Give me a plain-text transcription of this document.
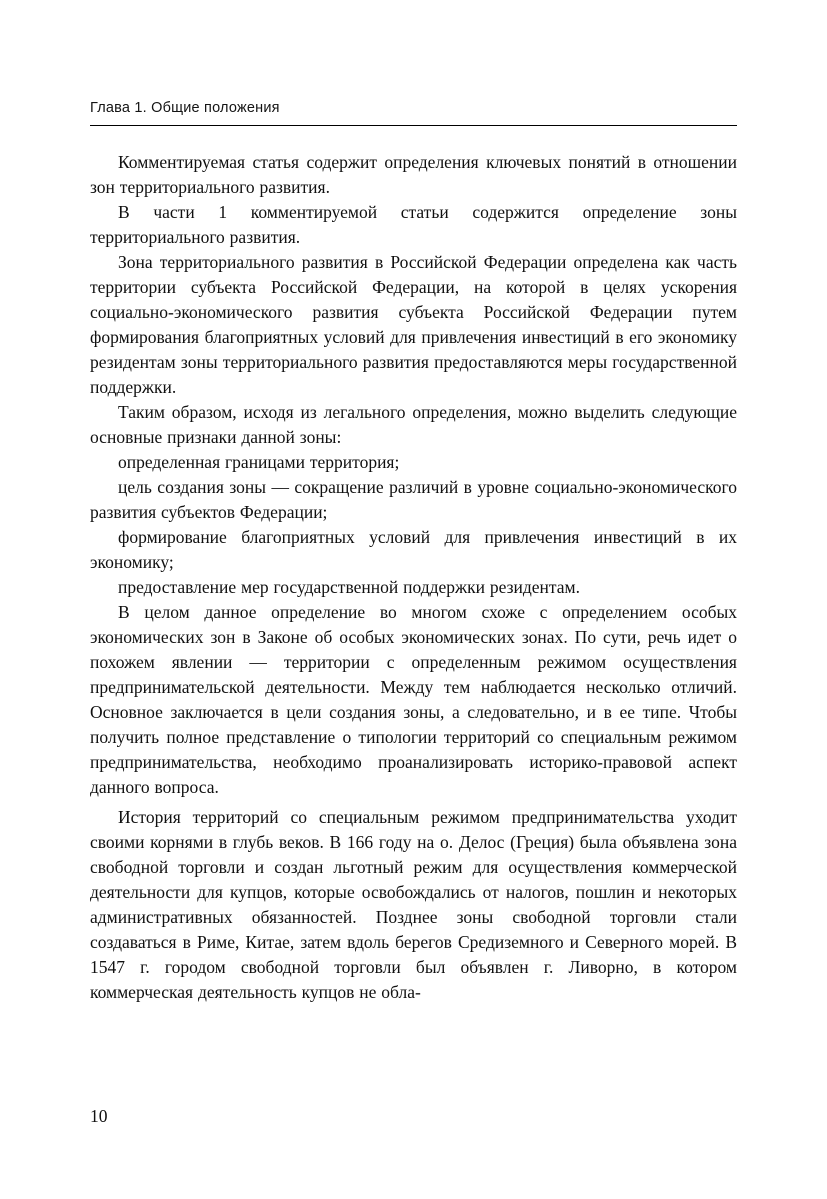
Глава 1. Общие положения

Комментируемая статья содержит определения ключевых понятий в отношении зон территориального развития.

В части 1 комментируемой статьи содержится определение зоны территориального развития.

Зона территориального развития в Российской Федерации определена как часть территории субъекта Российской Федерации, на которой в целях ускорения социально-экономического развития субъекта Российской Федерации путем формирования благоприятных условий для привлечения инвестиций в его экономику резидентам зоны территориального развития предоставляются меры государственной поддержки.

Таким образом, исходя из легального определения, можно выделить следующие основные признаки данной зоны:

определенная границами территория;

цель создания зоны — сокращение различий в уровне социально-экономического развития субъектов Федерации;

формирование благоприятных условий для привлечения инвестиций в их экономику;

предоставление мер государственной поддержки резидентам.

В целом данное определение во многом схоже с определением особых экономических зон в Законе об особых экономических зонах. По сути, речь идет о похожем явлении — территории с определенным режимом осуществления предпринимательской деятельности. Между тем наблюдается несколько отличий. Основное заключается в цели создания зоны, а следовательно, и в ее типе. Чтобы получить полное представление о типологии территорий со специальным режимом предпринимательства, необходимо проанализировать историко-правовой аспект данного вопроса.

История территорий со специальным режимом предпринимательства уходит своими корнями в глубь веков. В 166 году на о. Делос (Греция) была объявлена зона свободной торговли и создан льготный режим для осуществления коммерческой деятельности для купцов, которые освобождались от налогов, пошлин и некоторых административных обязанностей. Позднее зоны свободной торговли стали создаваться в Риме, Китае, затем вдоль берегов Средиземного и Северного морей. В 1547 г. городом свободной торговли был объявлен г. Ливорно, в котором коммерческая деятельность купцов не обла-

10
